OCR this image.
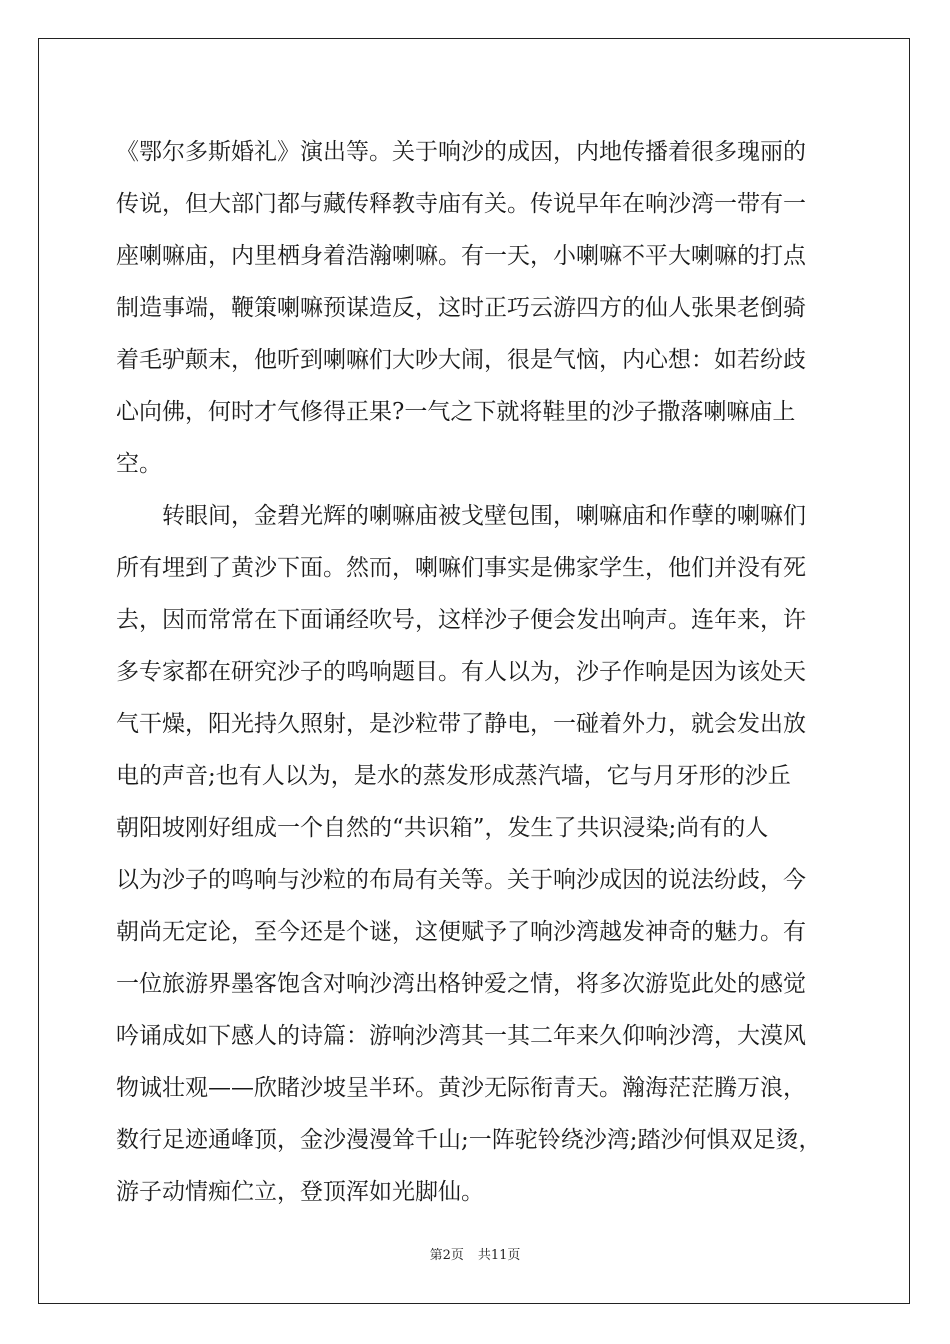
《鄂尔多斯婚礼》演出等。关于响沙的成因，内地传播着很多瑰丽的
传说，但大部门都与藏传释教寺庙有关。传说早年在响沙湾一带有一
座喇嘛庙，内里栖身着浩瀚喇嘛。有一天，小喇嘛不平大喇嘛的打点
制造事端，鞭策喇嘛预谋造反，这时正巧云游四方的仙人张果老倒骑
着毛驴颠末，他听到喇嘛们大吵大闹，很是气恼，内心想：如若纷歧
心向佛，何时才气修得正果?一气之下就将鞋里的沙子撒落喇嘛庙上
空。
　　转眼间，金碧光辉的喇嘛庙被戈壁包围，喇嘛庙和作孽的喇嘛们
所有埋到了黄沙下面。然而，喇嘛们事实是佛家学生，他们并没有死
去，因而常常在下面诵经吹号，这样沙子便会发出响声。连年来，许
多专家都在研究沙子的鸣响题目。有人以为，沙子作响是因为该处天
气干燥，阳光持久照射，是沙粒带了静电，一碰着外力，就会发出放
电的声音;也有人以为，是水的蒸发形成蒸汽墙，它与月牙形的沙丘
朝阳坡刚好组成一个自然的“共识箱”，发生了共识浸染;尚有的人
以为沙子的鸣响与沙粒的布局有关等。关于响沙成因的说法纷歧，今
朝尚无定论，至今还是个谜，这便赋予了响沙湾越发神奇的魅力。有
一位旅游界墨客饱含对响沙湾出格钟爱之情，将多次游览此处的感觉
吟诵成如下感人的诗篇：游响沙湾其一其二年来久仰响沙湾，大漠风
物诚壮观——欣睹沙坡呈半环。黄沙无际衔青天。瀚海茫茫腾万浪，
数行足迹通峰顶，金沙漫漫耸千山;一阵驼铃绕沙湾;踏沙何惧双足烫，
游子动情痴伫立，登顶浑如光脚仙。
第2页 共11页
